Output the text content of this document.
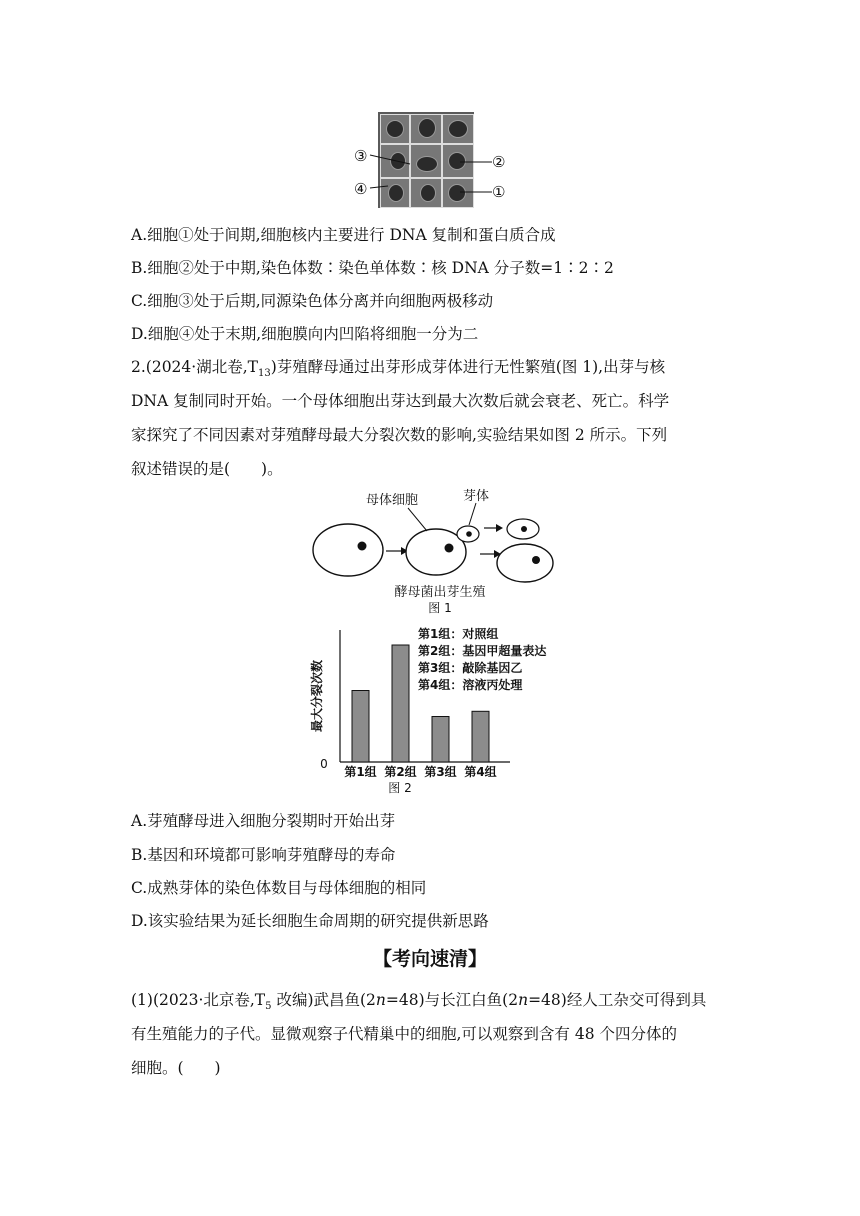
③
④
②
①
A.细胞①处于间期,细胞核内主要进行 DNA 复制和蛋白质合成
B.细胞②处于中期,染色体数∶染色单体数∶核 DNA 分子数=1∶2∶2
C.细胞③处于后期,同源染色体分离并向细胞两极移动
D.细胞④处于末期,细胞膜向内凹陷将细胞一分为二
2.(2024·湖北卷$,T_{13}$)芽殖酵母通过出芽形成芽体进行无性繁殖(图 1),出芽与核
DNA 复制同时开始。一个母体细胞出芽达到最大次数后就会衰老、死亡。科学
家探究了不同因素对芽殖酵母最大分裂次数的影响,实验结果如图 2 所示。下列
叙述错误的是(　　)。
母体细胞	芽体
酵母菌出芽生殖
图 1
0
最大分裂次数
第1组 第2组 第3组 第4组
第1组：对照组
第2组：基因甲超量表达
第3组：敲除基因乙
第4组：溶液丙处理
图 2
A.芽殖酵母进入细胞分裂期时开始出芽
B.基因和环境都可影响芽殖酵母的寿命
C.成熟芽体的染色体数目与母体细胞的相同
D.该实验结果为延长细胞生命周期的研究提供新思路
【考向速清】
(1)(2023·北京卷$,T_5$ 改编)武昌鱼(2n=48)与长江白鱼(2n=48)经人工杂交可得到具
有生殖能力的子代。显微观察子代精巢中的细胞,可以观察到含有 48 个四分体的
细胞。(　　)
